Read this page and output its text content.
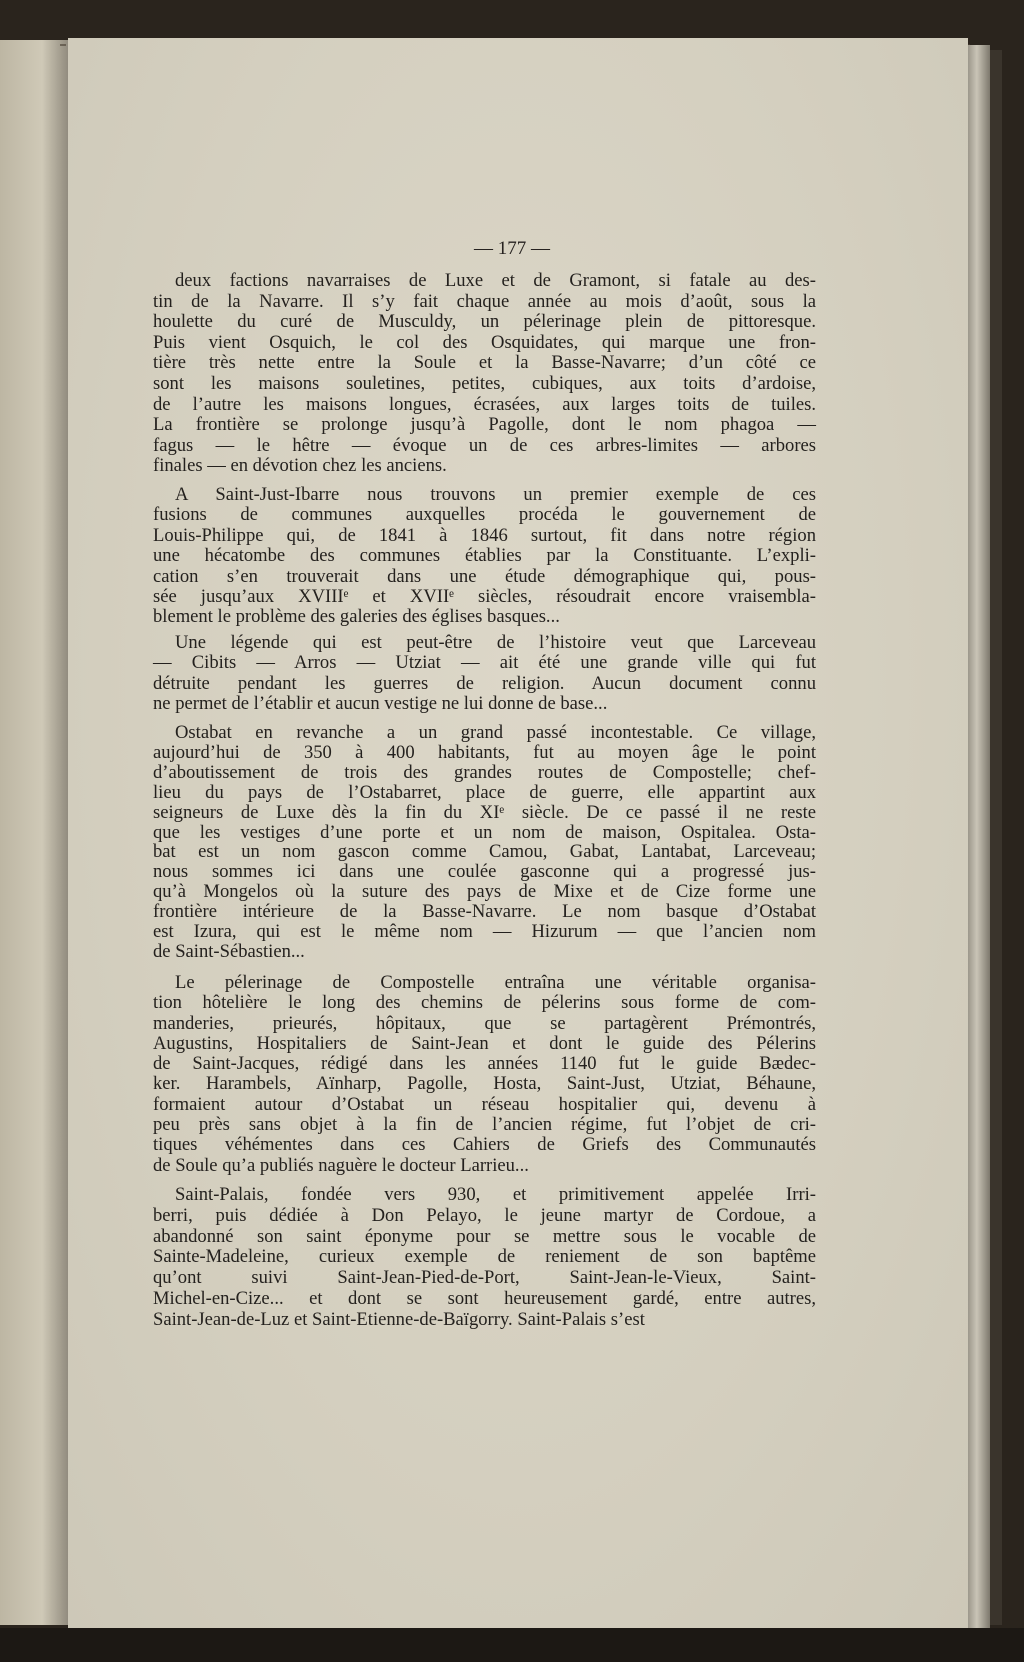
— 177 —
deux factions navarraises de Luxe et de Gramont, si fatale au des-
tin de la Navarre. Il s’y fait chaque année au mois d’août, sous la
houlette du curé de Musculdy, un pélerinage plein de pittoresque.
Puis vient Osquich, le col des Osquidates, qui marque une fron-
tière très nette entre la Soule et la Basse-Navarre; d’un côté ce
sont les maisons souletines, petites, cubiques, aux toits d’ardoise,
de l’autre les maisons longues, écrasées, aux larges toits de tuiles.
La frontière se prolonge jusqu’à Pagolle, dont le nom phagoa —
fagus — le hêtre — évoque un de ces arbres-limites — arbores
finales — en dévotion chez les anciens.
A Saint-Just-Ibarre nous trouvons un premier exemple de ces
fusions de communes auxquelles procéda le gouvernement de
Louis-Philippe qui, de 1841 à 1846 surtout, fit dans notre région
une hécatombe des communes établies par la Constituante. L’expli-
cation s’en trouverait dans une étude démographique qui, pous-
sée jusqu’aux XVIIIᵉ et XVIIᵉ siècles, résoudrait encore vraisembla-
blement le problème des galeries des églises basques...
Une légende qui est peut-être de l’histoire veut que Larceveau
— Cibits — Arros — Utziat — ait été une grande ville qui fut
détruite pendant les guerres de religion. Aucun document connu
ne permet de l’établir et aucun vestige ne lui donne de base...
Ostabat en revanche a un grand passé incontestable. Ce village,
aujourd’hui de 350 à 400 habitants, fut au moyen âge le point
d’aboutissement de trois des grandes routes de Compostelle; chef-
lieu du pays de l’Ostabarret, place de guerre, elle appartint aux
seigneurs de Luxe dès la fin du XIᵉ siècle. De ce passé il ne reste
que les vestiges d’une porte et un nom de maison, Ospitalea. Osta-
bat est un nom gascon comme Camou, Gabat, Lantabat, Larceveau;
nous sommes ici dans une coulée gasconne qui a progressé jus-
qu’à Mongelos où la suture des pays de Mixe et de Cize forme une
frontière intérieure de la Basse-Navarre. Le nom basque d’Ostabat
est Izura, qui est le même nom — Hizurum — que l’ancien nom
de Saint-Sébastien...
Le pélerinage de Compostelle entraîna une véritable organisa-
tion hôtelière le long des chemins de pélerins sous forme de com-
manderies, prieurés, hôpitaux, que se partagèrent Prémontrés,
Augustins, Hospitaliers de Saint-Jean et dont le guide des Pélerins
de Saint-Jacques, rédigé dans les années 1140 fut le guide Bædec-
ker. Harambels, Aïnharp, Pagolle, Hosta, Saint-Just, Utziat, Béhaune,
formaient autour d’Ostabat un réseau hospitalier qui, devenu à
peu près sans objet à la fin de l’ancien régime, fut l’objet de cri-
tiques véhémentes dans ces Cahiers de Griefs des Communautés
de Soule qu’a publiés naguère le docteur Larrieu...
Saint-Palais, fondée vers 930, et primitivement appelée Irri-
berri, puis dédiée à Don Pelayo, le jeune martyr de Cordoue, a
abandonné son saint éponyme pour se mettre sous le vocable de
Sainte-Madeleine, curieux exemple de reniement de son baptême
qu’ont suivi Saint-Jean-Pied-de-Port, Saint-Jean-le-Vieux, Saint-
Michel-en-Cize... et dont se sont heureusement gardé, entre autres,
Saint-Jean-de-Luz et Saint-Etienne-de-Baïgorry. Saint-Palais s’est
